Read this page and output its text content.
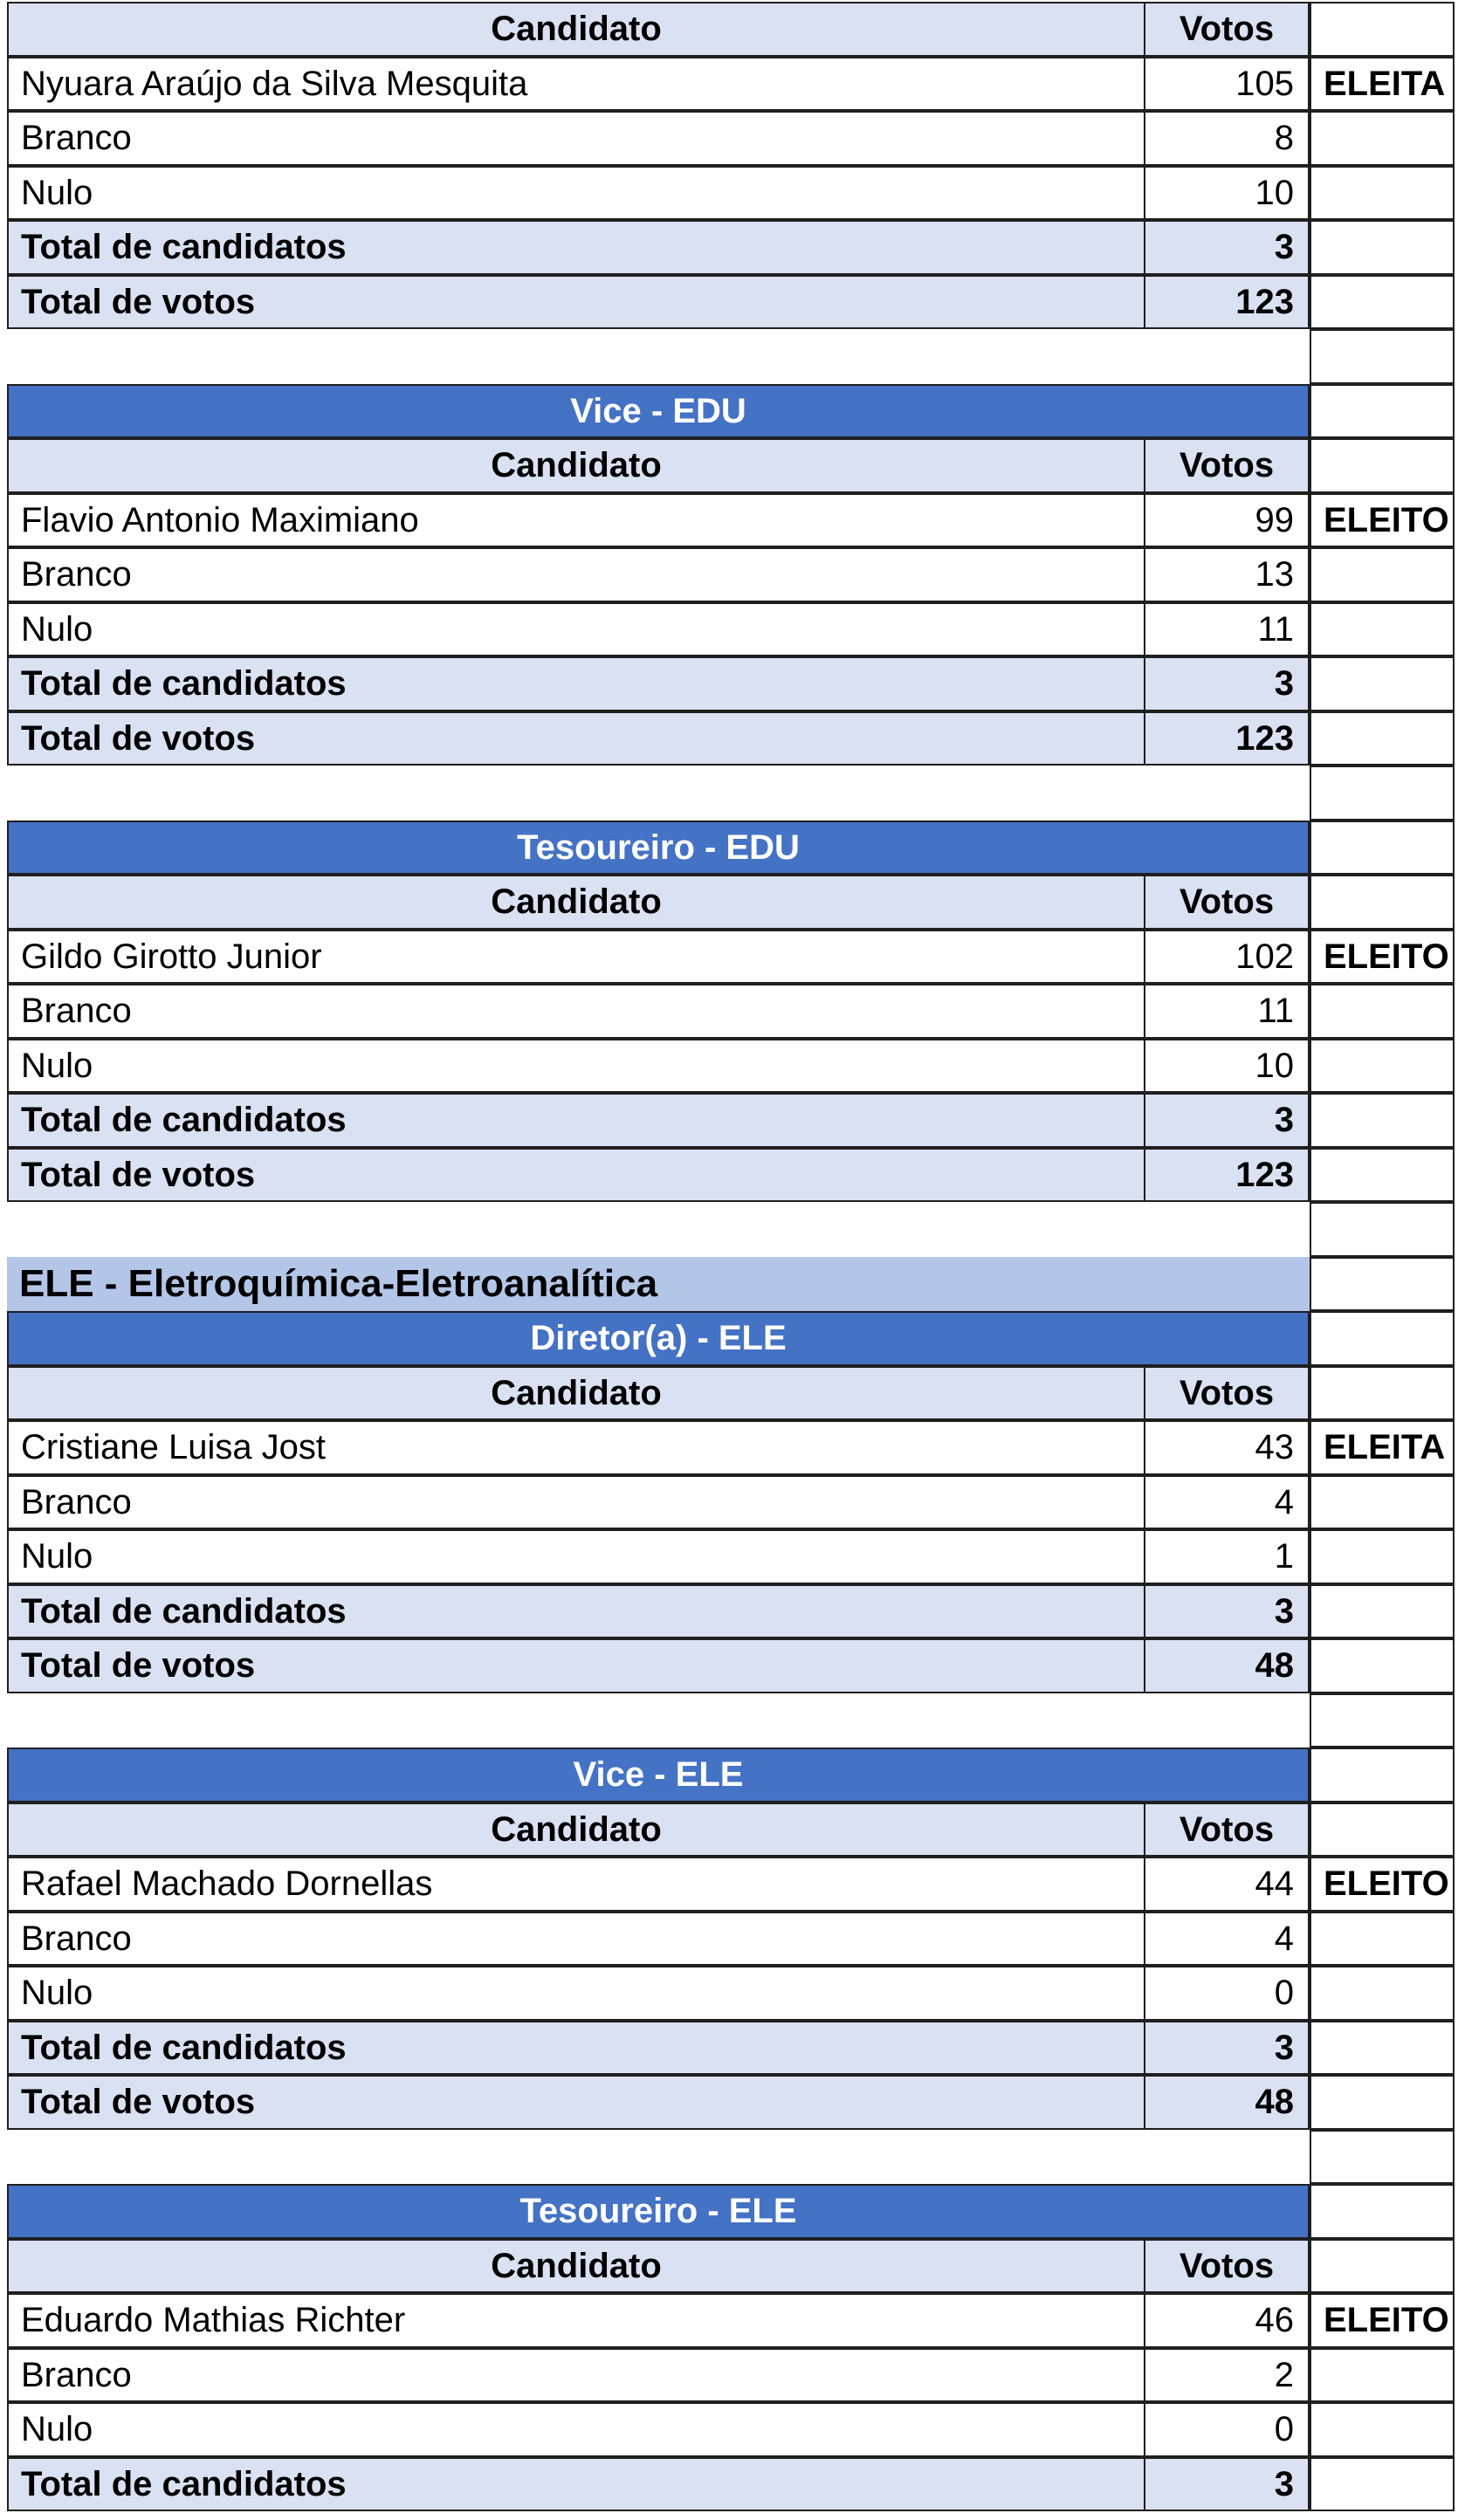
Candidato	Votos
Nyuara Araújo da Silva Mesquita	105 ELEITA
Branco	8
Nulo	10
Total de candidatos	3
Total de votos	123
Vice - EDU
Candidato	Votos
Flavio Antonio Maximiano	99 ELEITO
Branco	13
Nulo	11
Total de candidatos	3
Total de votos	123
Tesoureiro - EDU
Candidato	Votos
Gildo Girotto Junior	102 ELEITO
Branco	11
Nulo	10
Total de candidatos	3
Total de votos	123
ELE - Eletroquímica-Eletroanalítica
Diretor(a) - ELE
Candidato	Votos
Cristiane Luisa Jost	43 ELEITA
Branco	4
Nulo	1
Total de candidatos	3
Total de votos	48
Vice - ELE
Candidato	Votos
Rafael Machado Dornellas	44 ELEITO
Branco	4
Nulo	0
Total de candidatos	3
Total de votos	48
Tesoureiro - ELE
Candidato	Votos
Eduardo Mathias Richter	46 ELEITO
Branco	2
Nulo	0
Total de candidatos	3
